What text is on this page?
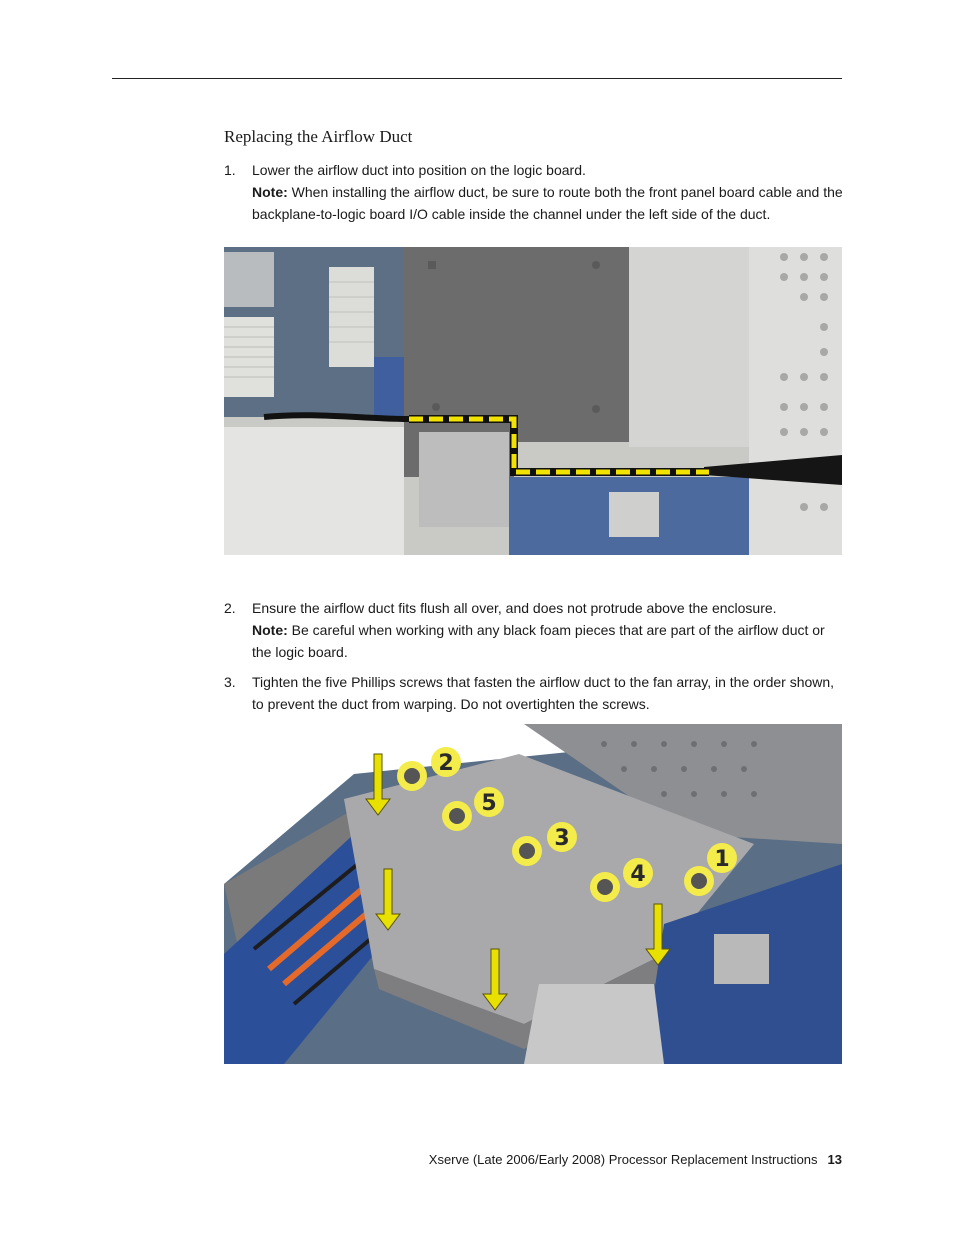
Replacing the Airflow Duct
1. Lower the airflow duct into position on the logic board.
Note: When installing the airflow duct, be sure to route both the front panel board cable and the backplane-to-logic board I/O cable inside the channel under the left side of the duct.
2. Ensure the airflow duct fits flush all over, and does not protrude above the enclosure.
Note: Be careful when working with any black foam pieces that are part of the airflow duct or the logic board.
3. Tighten the five Phillips screws that fasten the airflow duct to the fan array, in the order shown, to prevent the duct from warping. Do not overtighten the screws.
2
5
3
4
1
Xserve (Late 2006/Early 2008) Processor Replacement Instructions 13
